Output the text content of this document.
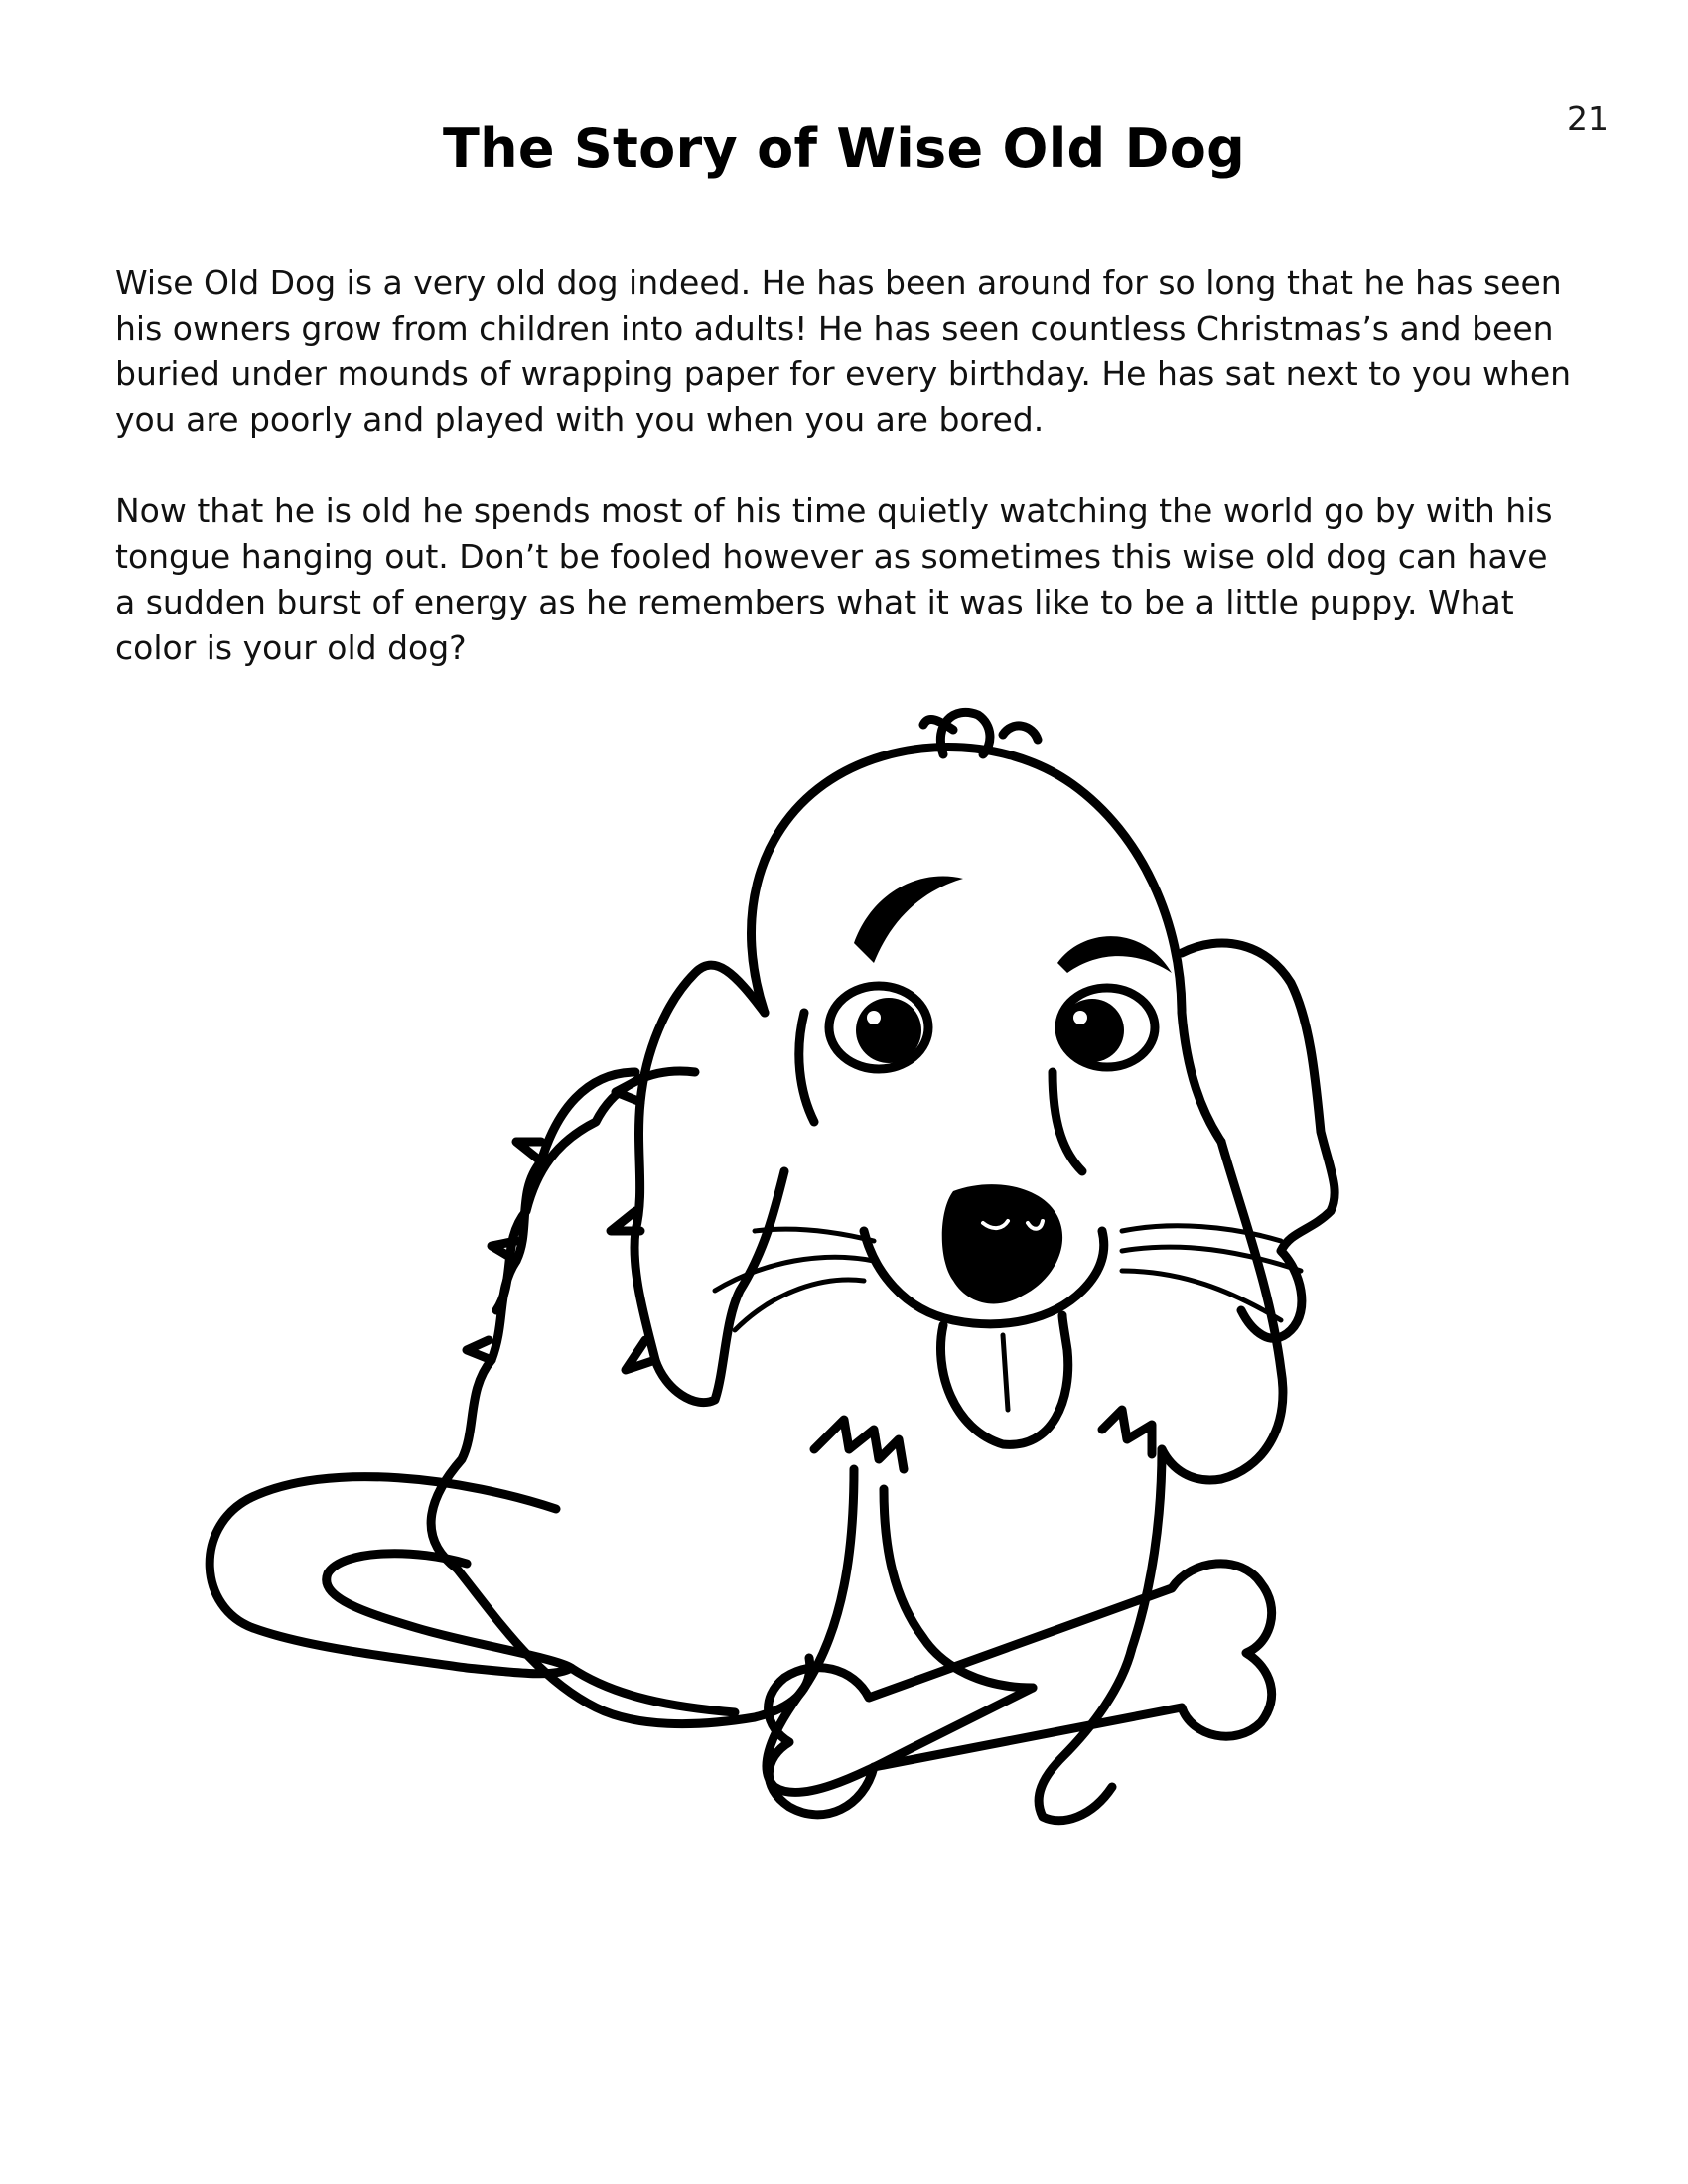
21
The Story of Wise Old Dog

Wise Old Dog is a very old dog indeed. He has been around for so long that he has seen his owners grow from children into adults! He has seen countless Christmas’s and been buried under mounds of wrapping paper for every birthday. He has sat next to you when you are poorly and played with you when you are bored.

Now that he is old he spends most of his time quietly watching the world go by with his tongue hanging out. Don’t be fooled however as sometimes this wise old dog can have a sudden burst of energy as he remembers what it was like to be a little puppy. What color is your old dog?
